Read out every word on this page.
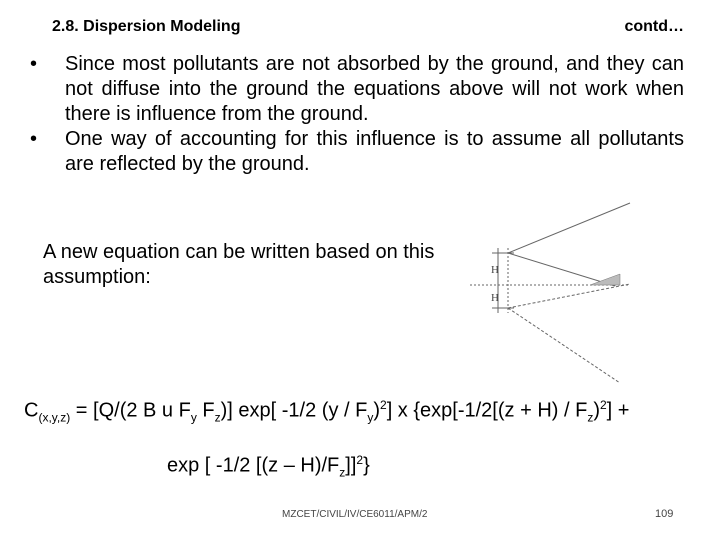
2.8. Dispersion Modeling	contd…

• Since most pollutants are not absorbed by the ground, and they can not diffuse into the ground the equations above will not work when there is influence from the ground.

• One way of accounting for this influence is to assume all pollutants are reflected by the ground.

A new equation can be written based on this assumption:	H
H
$C_{(x,y,z)} = [Q/(2$ B u $F_y$ $F_z$)] exp[ -1/2 $(y / F_y)^2$] x {$\exp[-1/2[(z + H) / F_z)^2]$ +
exp [ -1/2 $[(z - H)/F_z]]^2$}
MZCET/CIVIL/IV/CE6011/APM/2	109
